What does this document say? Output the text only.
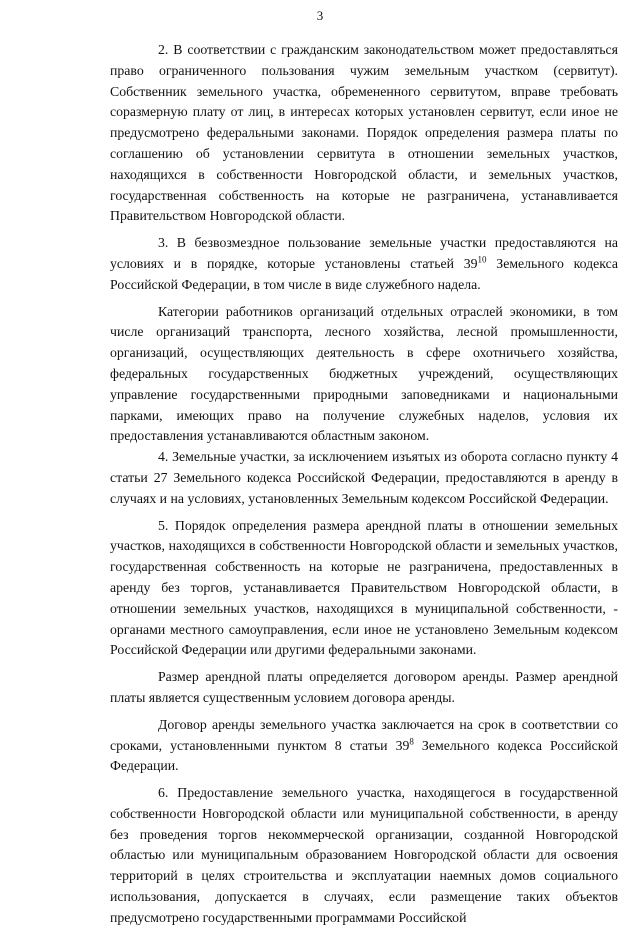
3

2. В соответствии с гражданским законодательством может предоставляться право ограниченного пользования чужим земельным участком (сервитут). Собственник земельного участка, обремененного сервитутом, вправе требовать соразмерную плату от лиц, в интересах которых установлен сервитут, если иное не предусмотрено федеральными законами. Порядок определения размера платы по соглашению об установлении сервитута в отношении земельных участков, находящихся в собственности Новгородской области, и земельных участков, государственная собственность на которые не разграничена, устанавливается Правительством Новгородской области.

3. В безвозмездное пользование земельные участки предоставляются на условиях и в порядке, которые установлены статьей $39^{10}$ Земельного кодекса Российской Федерации, в том числе в виде служебного надела.

Категории работников организаций отдельных отраслей экономики, в том числе организаций транспорта, лесного хозяйства, лесной промышленности, организаций, осуществляющих деятельность в сфере охотничьего хозяйства, федеральных государственных бюджетных учреждений, осуществляющих управление государственными природными заповедниками и национальными парками, имеющих право на получение служебных наделов, условия их предоставления устанавливаются областным законом.

4. Земельные участки, за исключением изъятых из оборота согласно пункту 4 статьи 27 Земельного кодекса Российской Федерации, предоставляются в аренду в случаях и на условиях, установленных Земельным кодексом Российской Федерации.

5. Порядок определения размера арендной платы в отношении земельных участков, находящихся в собственности Новгородской области и земельных участков, государственная собственность на которые не разграничена, предоставленных в аренду без торгов, устанавливается Правительством Новгородской области, в отношении земельных участков, находящихся в муниципальной собственности, - органами местного самоуправления, если иное не установлено Земельным кодексом Российской Федерации или другими федеральными законами.

Размер арендной платы определяется договором аренды. Размер арендной платы является существенным условием договора аренды.

Договор аренды земельного участка заключается на срок в соответствии со сроками, установленными пунктом 8 статьи $39^8$ Земельного кодекса Российской Федерации.

6. Предоставление земельного участка, находящегося в государственной собственности Новгородской области или муниципальной собственности, в аренду без проведения торгов некоммерческой организации, созданной Новгородской областью или муниципальным образованием Новгородской области для освоения территорий в целях строительства и эксплуатации наемных домов социального использования, допускается в случаях, если размещение таких объектов предусмотрено государственными программами Российской
